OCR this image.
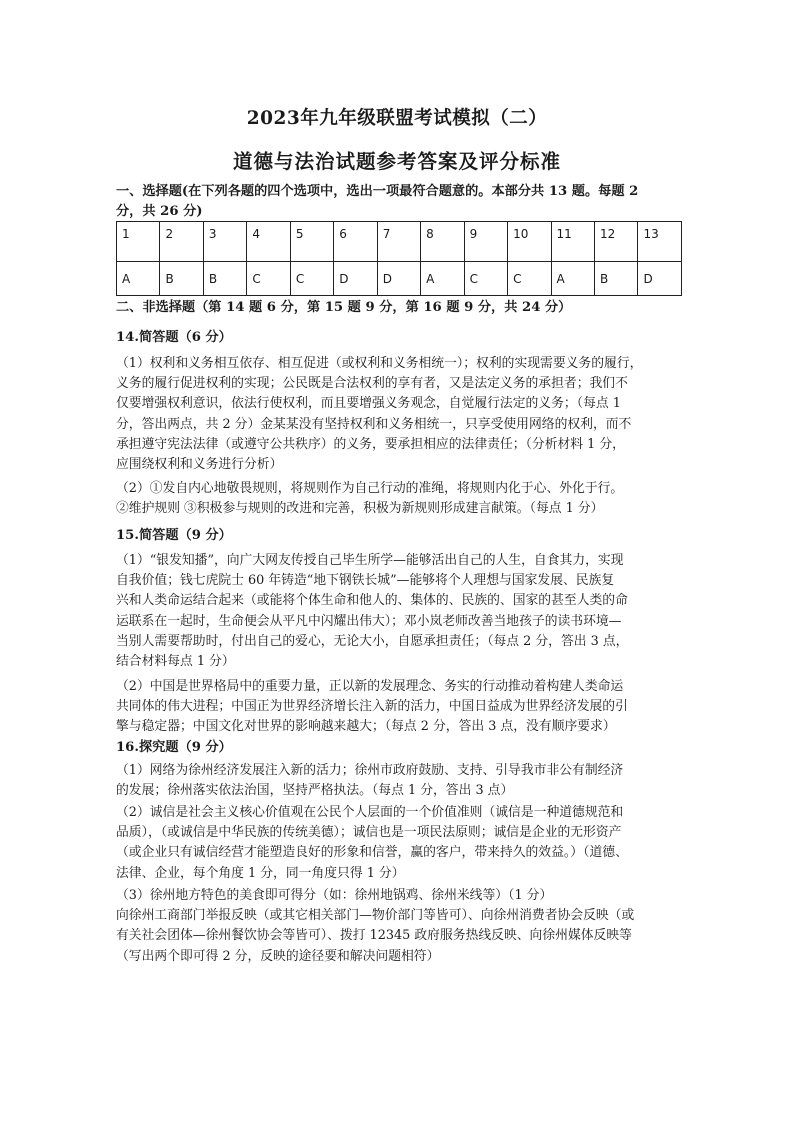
2023年九年级联盟考试模拟（二）
道德与法治试题参考答案及评分标准
一、选择题(在下列各题的四个选项中，选出一项最符合题意的。本部分共 13 题。每题 2
分，共 26 分)
1	2	3	4	5	6	7	8	9	10	11	12	13
A	B	B	C	C	D	D	A	C	C	A	B	D
二、非选择题（第 14 题 6 分，第 15 题 9 分，第 16 题 9 分，共 24 分）
14.简答题（6 分）
（1）权利和义务相互依存、相互促进（或权利和义务相统一）；权利的实现需要义务的履行，
义务的履行促进权利的实现；公民既是合法权利的享有者，又是法定义务的承担者；我们不
仅要增强权利意识，依法行使权利，而且要增强义务观念，自觉履行法定的义务；（每点 1
分，答出两点，共 2 分）金某某没有坚持权利和义务相统一，只享受使用网络的权利，而不
承担遵守宪法法律（或遵守公共秩序）的义务，要承担相应的法律责任；（分析材料 1 分，
应围绕权利和义务进行分析）
（2）①发自内心地敬畏规则，将规则作为自己行动的准绳，将规则内化于心、外化于行。
②维护规则 ③积极参与规则的改进和完善，积极为新规则形成建言献策。（每点 1 分）
15.简答题（9 分）
（1）“银发知播”，向广大网友传授自己毕生所学—能够活出自己的人生，自食其力，实现
自我价值；钱七虎院士 60 年铸造“地下钢铁长城”—能够将个人理想与国家发展、民族复
兴和人类命运结合起来（或能将个体生命和他人的、集体的、民族的、国家的甚至人类的命
运联系在一起时，生命便会从平凡中闪耀出伟大）；邓小岚老师改善当地孩子的读书环境—
当别人需要帮助时，付出自己的爱心，无论大小，自愿承担责任；（每点 2 分，答出 3 点，
结合材料每点 1 分）
（2）中国是世界格局中的重要力量，正以新的发展理念、务实的行动推动着构建人类命运
共同体的伟大进程；中国正为世界经济增长注入新的活力，中国日益成为世界经济发展的引
擎与稳定器；中国文化对世界的影响越来越大；（每点 2 分，答出 3 点，没有顺序要求）
16.探究题（9 分）
（1）网络为徐州经济发展注入新的活力；徐州市政府鼓励、支持、引导我市非公有制经济
的发展；徐州落实依法治国，坚持严格执法。（每点 1 分，答出 3 点）
（2）诚信是社会主义核心价值观在公民个人层面的一个价值准则（诚信是一种道德规范和
品质），（或诚信是中华民族的传统美德）；诚信也是一项民法原则；诚信是企业的无形资产
（或企业只有诚信经营才能塑造良好的形象和信誉，赢的客户，带来持久的效益。）（道德、
法律、企业，每个角度 1 分，同一角度只得 1 分）
（3）徐州地方特色的美食即可得分（如：徐州地锅鸡、徐州米线等）（1 分）
向徐州工商部门举报反映（或其它相关部门—物价部门等皆可）、向徐州消费者协会反映（或
有关社会团体—徐州餐饮协会等皆可）、拨打 12345 政府服务热线反映、向徐州媒体反映等
（写出两个即可得 2 分，反映的途径要和解决问题相符）
